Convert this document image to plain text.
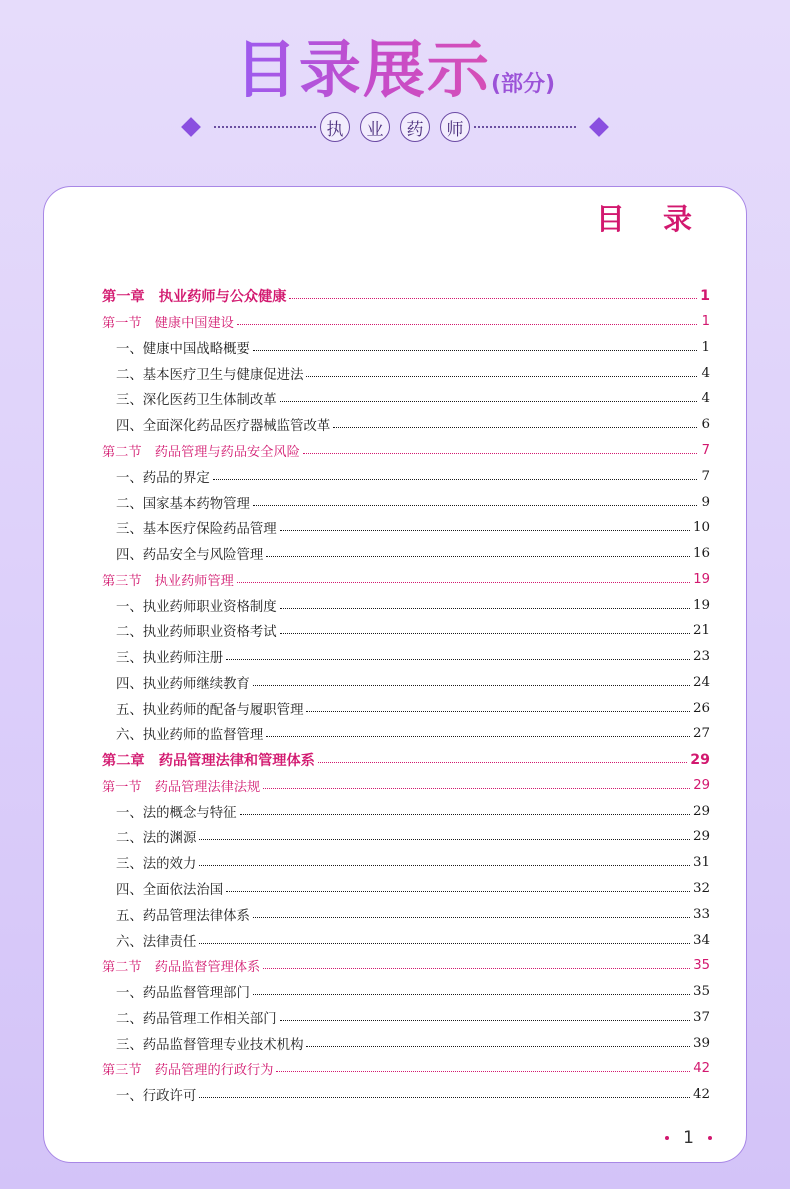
目录展示(部分)
执	业	药	师
目 录
第一章　执业药师与公众健康	1
第一节　健康中国建设	1
一、健康中国战略概要	1
二、基本医疗卫生与健康促进法	4
三、深化医药卫生体制改革	4
四、全面深化药品医疗器械监管改革	6
第二节　药品管理与药品安全风险	7
一、药品的界定	7
二、国家基本药物管理	9
三、基本医疗保险药品管理	10
四、药品安全与风险管理	16
第三节　执业药师管理	19
一、执业药师职业资格制度	19
二、执业药师职业资格考试	21
三、执业药师注册	23
四、执业药师继续教育	24
五、执业药师的配备与履职管理	26
六、执业药师的监督管理	27
第二章　药品管理法律和管理体系	29
第一节　药品管理法律法规	29
一、法的概念与特征	29
二、法的渊源	29
三、法的效力	31
四、全面依法治国	32
五、药品管理法律体系	33
六、法律责任	34
第二节　药品监督管理体系	35
一、药品监督管理部门	35
二、药品管理工作相关部门	37
三、药品监督管理专业技术机构	39
第三节　药品管理的行政行为	42
一、行政许可	42
1
